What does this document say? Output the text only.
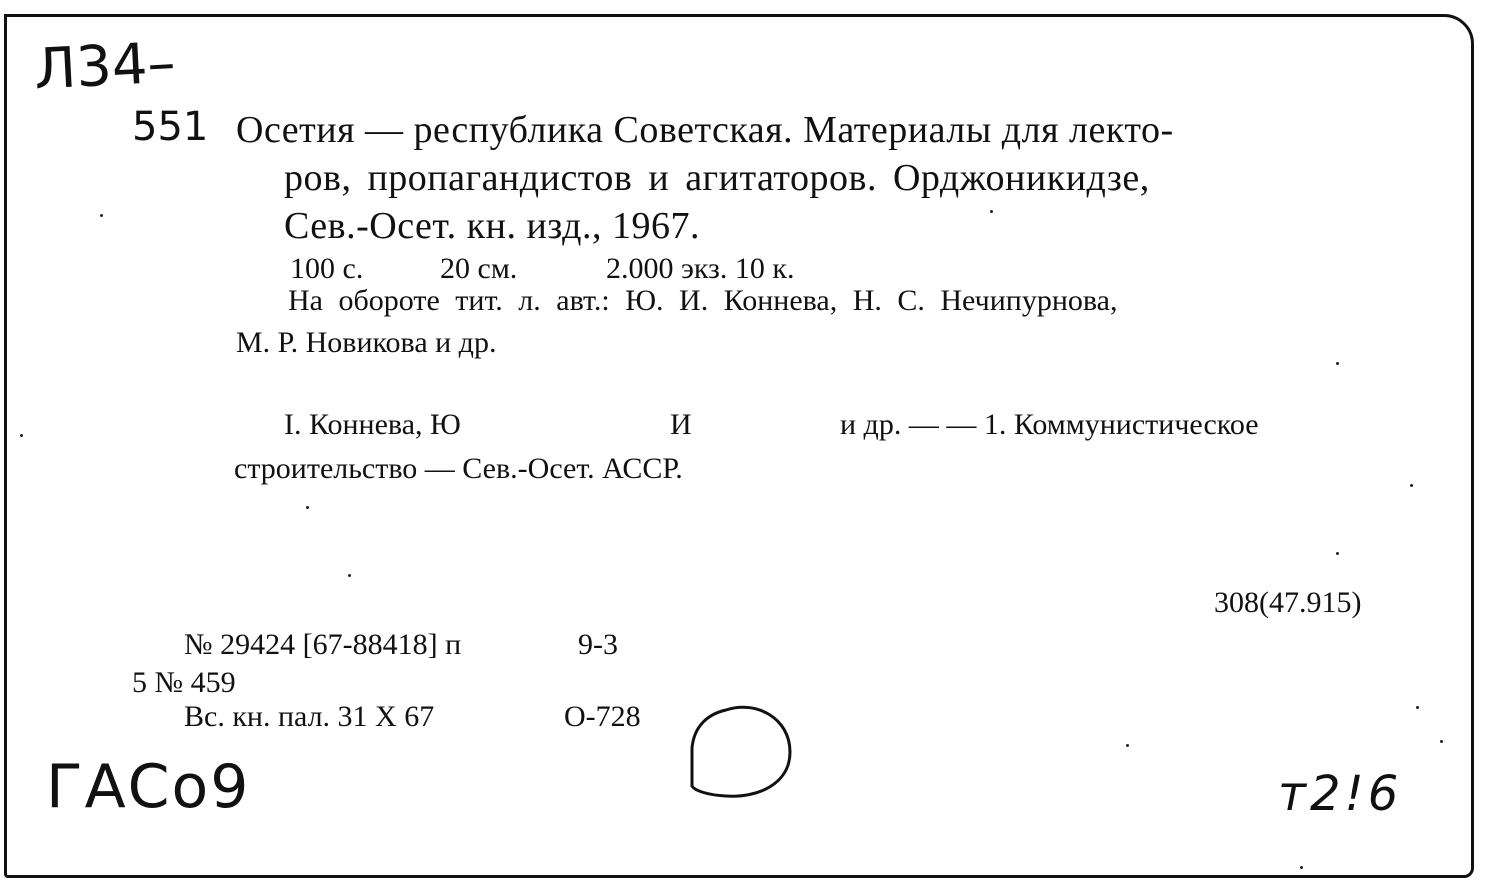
Л34–
551 Осетия — республика Советская. Материалы для лекто-
ров, пропагандистов и агитаторов. Орджоникидзе,
Сев.-Осет. кн. изд., 1967.
100 с.	20 см.	2.000 экз. 10 к.
На обороте тит. л. авт.: Ю. И. Коннева, Н. С. Нечипурнова,
М. Р. Новикова и др.
I. Коннева, Ю	И	и др. — — 1. Коммунистическое
строительство — Сев.-Осет. АССР.
308(47.915)
№ 29424 [67-88418] п	9-3
5 № 459
Вс. кн. пал. 31 X 67	О-728
ГАСо9	т2!6
